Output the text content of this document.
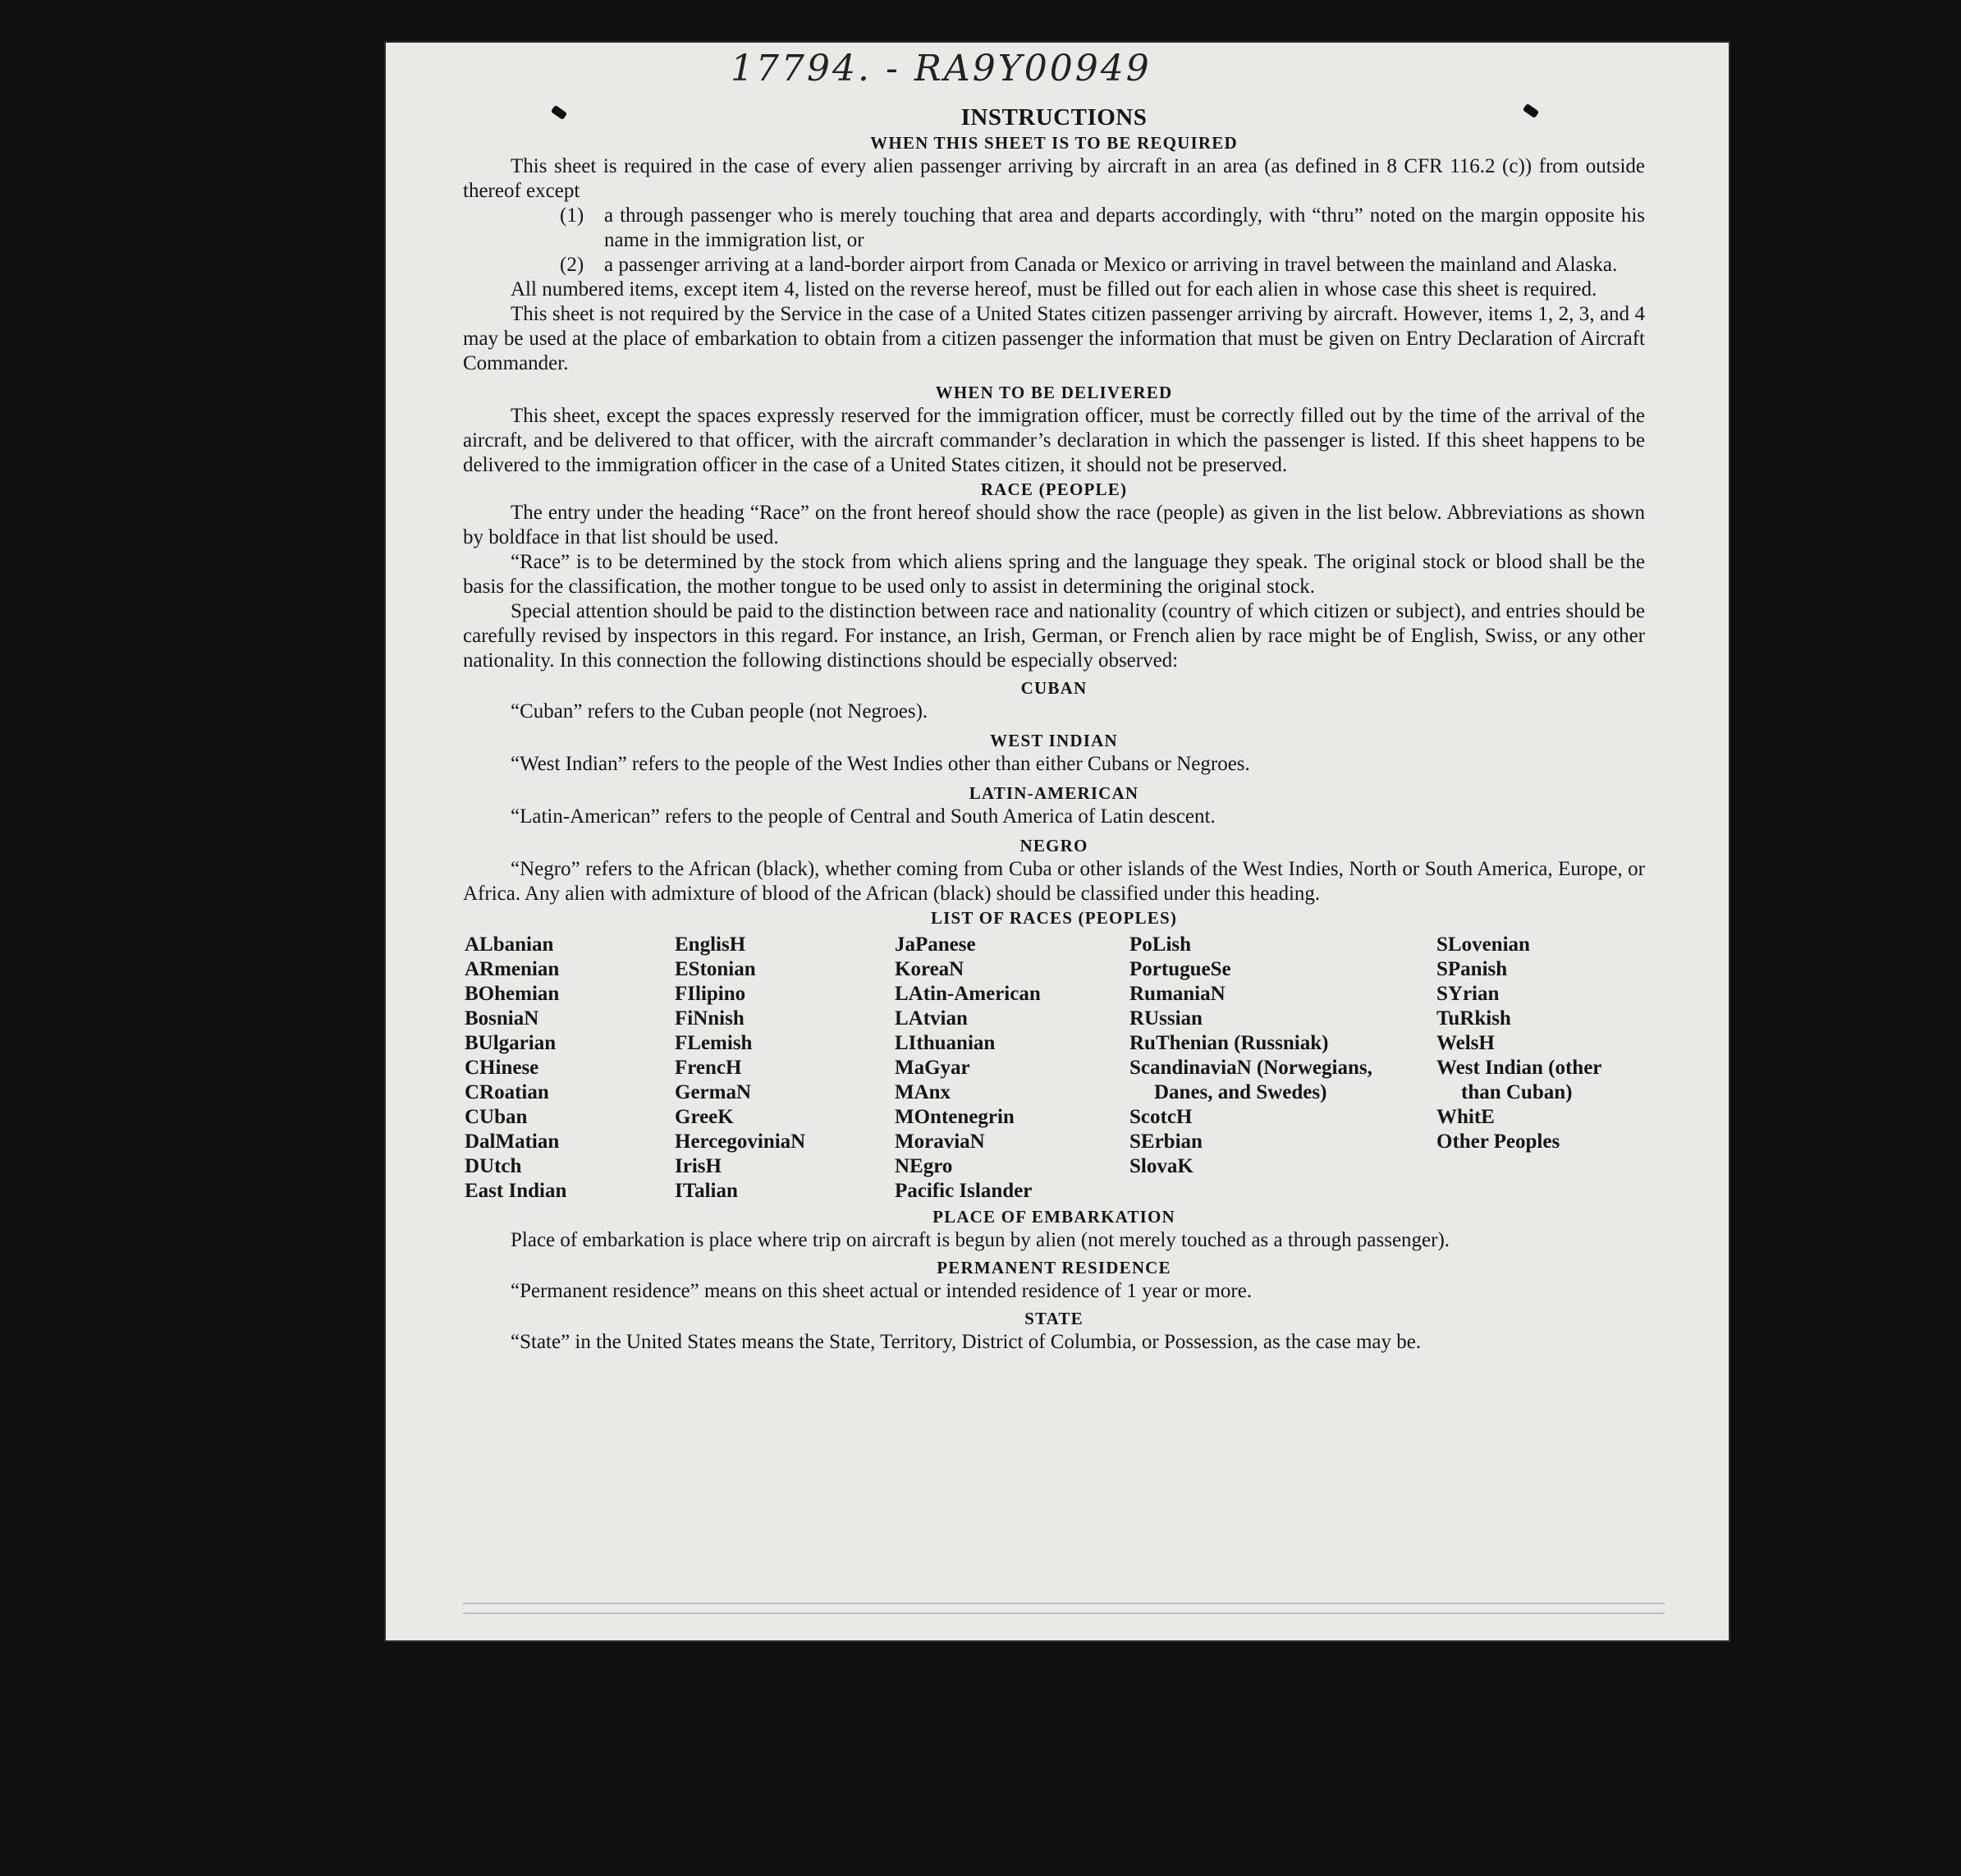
17794. - RA9Y00949
INSTRUCTIONS
WHEN THIS SHEET IS TO BE REQUIRED

This sheet is required in the case of every alien passenger arriving by aircraft in an area (as defined in 8 CFR 116.2 (c)) from outside thereof except

(1) a through passenger who is merely touching that area and departs accordingly, with “thru” noted on the margin opposite his name in the immigration list, or
(2) a passenger arriving at a land-border airport from Canada or Mexico or arriving in travel between the mainland and Alaska.

All numbered items, except item 4, listed on the reverse hereof, must be filled out for each alien in whose case this sheet is required.

This sheet is not required by the Service in the case of a United States citizen passenger arriving by aircraft. However, items 1, 2, 3, and 4 may be used at the place of embarkation to obtain from a citizen passenger the information that must be given on Entry Declaration of Aircraft Commander.

WHEN TO BE DELIVERED

This sheet, except the spaces expressly reserved for the immigration officer, must be correctly filled out by the time of the arrival of the aircraft, and be delivered to that officer, with the aircraft commander’s declaration in which the passenger is listed. If this sheet happens to be delivered to the immigration officer in the case of a United States citizen, it should not be preserved.

RACE (PEOPLE)

The entry under the heading “Race” on the front hereof should show the race (people) as given in the list below. Abbreviations as shown by boldface in that list should be used.

“Race” is to be determined by the stock from which aliens spring and the language they speak. The original stock or blood shall be the basis for the classification, the mother tongue to be used only to assist in determining the original stock.

Special attention should be paid to the distinction between race and nationality (country of which citizen or subject), and entries should be carefully revised by inspectors in this regard. For instance, an Irish, German, or French alien by race might be of English, Swiss, or any other nationality. In this connection the following distinctions should be especially observed:

CUBAN

“Cuban” refers to the Cuban people (not Negroes).

WEST INDIAN

“West Indian” refers to the people of the West Indies other than either Cubans or Negroes.

LATIN-AMERICAN

“Latin-American” refers to the people of Central and South America of Latin descent.

NEGRO

“Negro” refers to the African (black), whether coming from Cuba or other islands of the West Indies, North or South America, Europe, or Africa. Any alien with admixture of blood of the African (black) should be classified under this heading.

LIST OF RACES (PEOPLES)
ALbanian
ARmenian
BOhemian
BosniaN
BUlgarian
CHinese
CRoatian
CUban
DalMatian
DUtch
East Indian
EnglisH
EStonian
FIlipino
FiNnish
FLemish
FrencH
GermaN
GreeK
HercegoviniaN
IrisH
ITalian
JaPanese
KoreaN
LAtin-American
LAtvian
LIthuanian
MaGyar
MAnx
MOntenegrin
MoraviaN
NEgro
Pacific Islander
PoLish
PortugueSe
RumaniaN
RUssian
RuThenian (Russniak)
ScandinaviaN (Norwegians, Danes, and Swedes)
ScotcH
SErbian
SlovaK
SLovenian
SPanish
SYrian
TuRkish
WelsH
West Indian (other than Cuban)
WhitE
Other Peoples
PLACE OF EMBARKATION

Place of embarkation is place where trip on aircraft is begun by alien (not merely touched as a through passenger).

PERMANENT RESIDENCE

“Permanent residence” means on this sheet actual or intended residence of 1 year or more.

STATE

“State” in the United States means the State, Territory, District of Columbia, or Possession, as the case may be.
